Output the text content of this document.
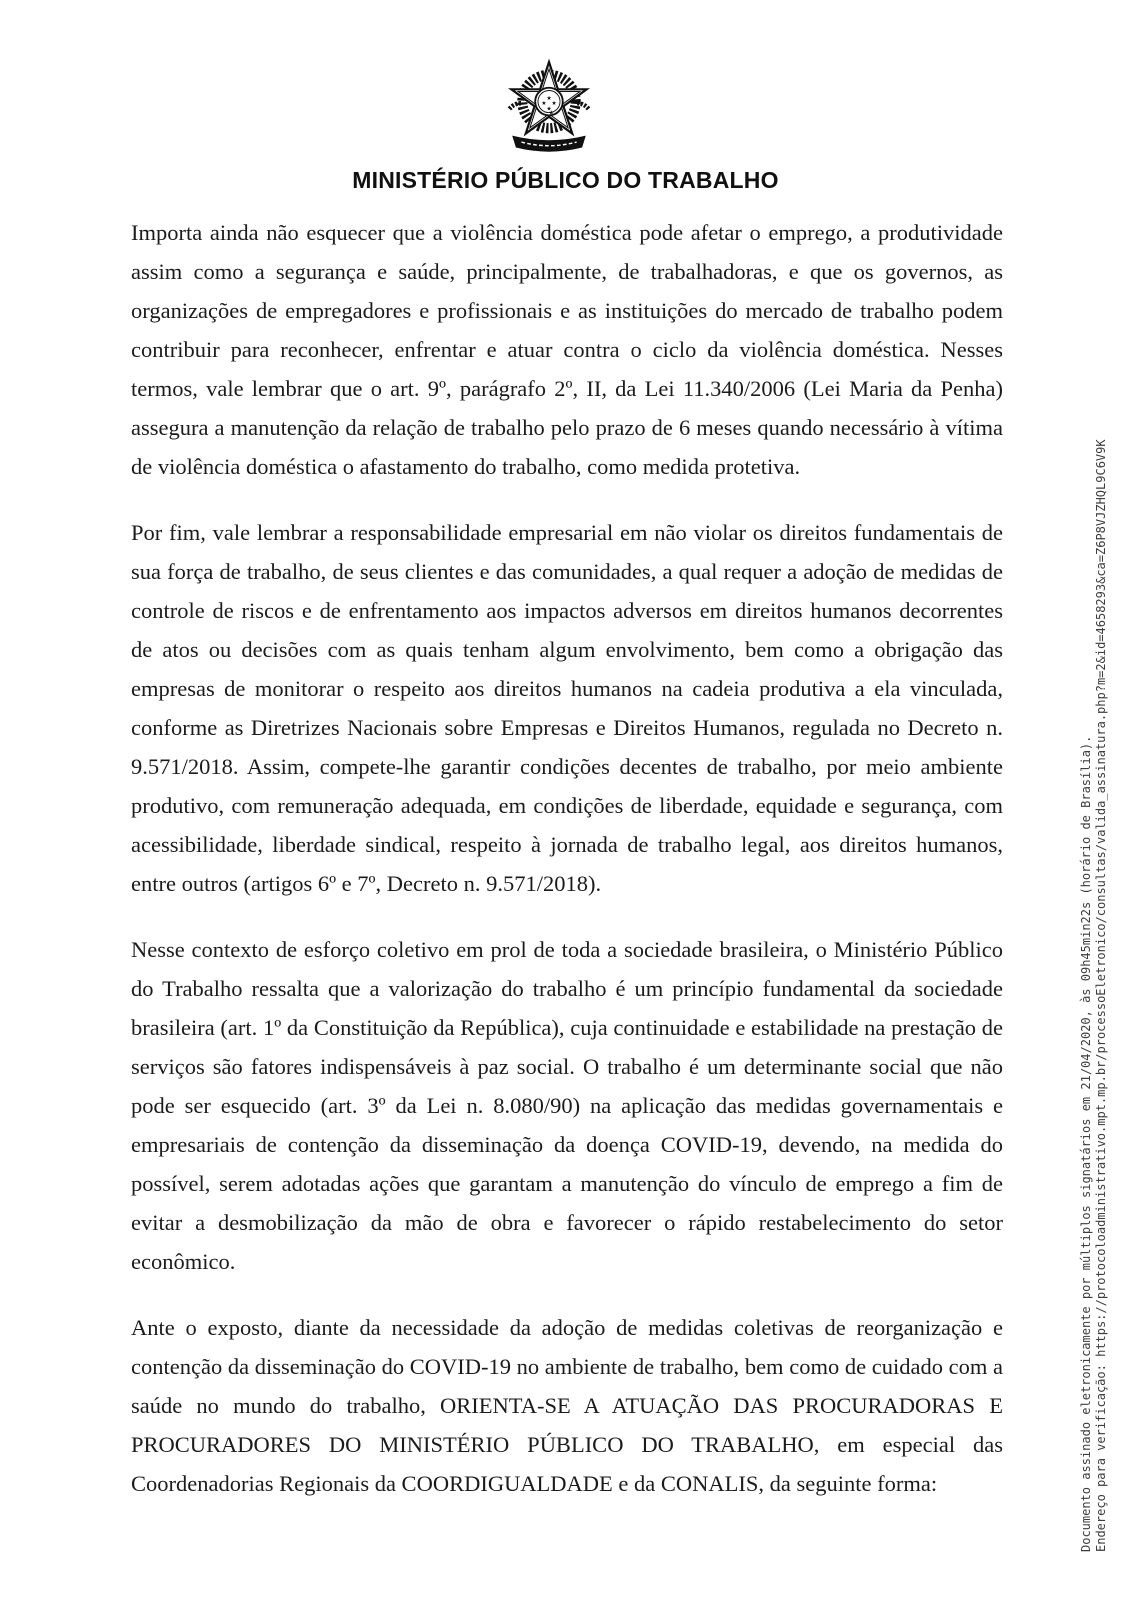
★
★ ★
★
★
MINISTÉRIO PÚBLICO DO TRABALHO

Importa ainda não esquecer que a violência doméstica pode afetar o emprego, a produtividade assim como a segurança e saúde, principalmente, de trabalhadoras, e que os governos, as organizações de empregadores e profissionais e as instituições do mercado de trabalho podem contribuir para reconhecer, enfrentar e atuar contra o ciclo da violência doméstica. Nesses termos, vale lembrar que o art. 9º, parágrafo 2º, II, da Lei 11.340/2006 (Lei Maria da Penha) assegura a manutenção da relação de trabalho pelo prazo de 6 meses quando necessário à vítima de violência doméstica o afastamento do trabalho, como medida protetiva.

Por fim, vale lembrar a responsabilidade empresarial em não violar os direitos fundamentais de sua força de trabalho, de seus clientes e das comunidades, a qual requer a adoção de medidas de controle de riscos e de enfrentamento aos impactos adversos em direitos humanos decorrentes de atos ou decisões com as quais tenham algum envolvimento, bem como a obrigação das empresas de monitorar o respeito aos direitos humanos na cadeia produtiva a ela vinculada, conforme as Diretrizes Nacionais sobre Empresas e Direitos Humanos, regulada no Decreto n. 9.571/2018. Assim, compete-lhe garantir condições decentes de trabalho, por meio ambiente produtivo, com remuneração adequada, em condições de liberdade, equidade e segurança, com acessibilidade, liberdade sindical, respeito à jornada de trabalho legal, aos direitos humanos, entre outros (artigos 6º e 7º, Decreto n. 9.571/2018).

Nesse contexto de esforço coletivo em prol de toda a sociedade brasileira, o Ministério Público do Trabalho ressalta que a valorização do trabalho é um princípio fundamental da sociedade brasileira (art. 1º da Constituição da República), cuja continuidade e estabilidade na prestação de serviços são fatores indispensáveis à paz social. O trabalho é um determinante social que não pode ser esquecido (art. 3º da Lei n. 8.080/90) na aplicação das medidas governamentais e empresariais de contenção da disseminação da doença COVID-19, devendo, na medida do possível, serem adotadas ações que garantam a manutenção do vínculo de emprego a fim de evitar a desmobilização da mão de obra e favorecer o rápido restabelecimento do setor econômico.

Ante o exposto, diante da necessidade da adoção de medidas coletivas de reorganização e contenção da disseminação do COVID-19 no ambiente de trabalho, bem como de cuidado com a saúde no mundo do trabalho, ORIENTA-SE A ATUAÇÃO DAS PROCURADORAS E PROCURADORES DO MINISTÉRIO PÚBLICO DO TRABALHO, em especial das Coordenadorias Regionais da COORDIGUALDADE e da CONALIS, da seguinte forma:	Documento assinado eletronicamente por múltiplos signatários em 21/04/2020, às 09h45min22s (horário de Brasília). Endereço para verificação: https://protocoloadministrativo.mpt.mp.br/processoEletronico/consultas/valida_assinatura.php?m=2&id=4658293&ca=Z6P8VJZHQL9C6V9K
